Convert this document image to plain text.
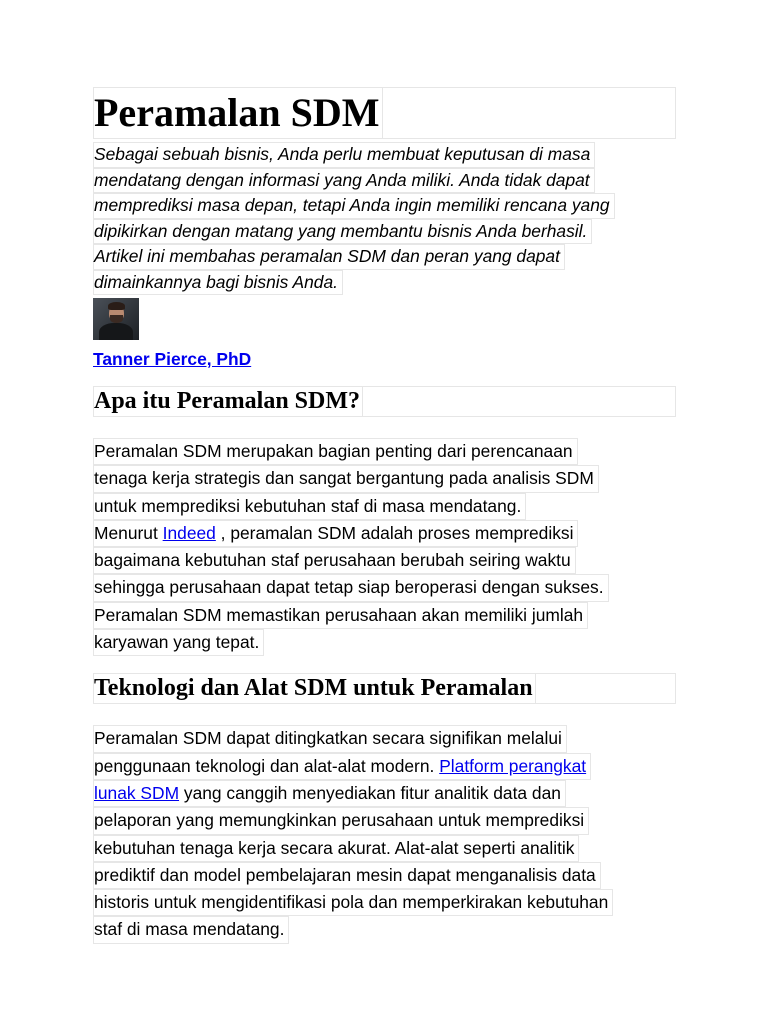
Peramalan SDM
Sebagai sebuah bisnis, Anda perlu membuat keputusan di masa
mendatang dengan informasi yang Anda miliki. Anda tidak dapat
memprediksi masa depan, tetapi Anda ingin memiliki rencana yang
dipikirkan dengan matang yang membantu bisnis Anda berhasil.
Artikel ini membahas peramalan SDM dan peran yang dapat
dimainkannya bagi bisnis Anda.
Tanner Pierce, PhD
Apa itu Peramalan SDM?
Peramalan SDM merupakan bagian penting dari perencanaan
tenaga kerja strategis dan sangat bergantung pada analisis SDM
untuk memprediksi kebutuhan staf di masa mendatang.
Menurut Indeed , peramalan SDM adalah proses memprediksi
bagaimana kebutuhan staf perusahaan berubah seiring waktu
sehingga perusahaan dapat tetap siap beroperasi dengan sukses.
Peramalan SDM memastikan perusahaan akan memiliki jumlah
karyawan yang tepat.
Teknologi dan Alat SDM untuk Peramalan
Peramalan SDM dapat ditingkatkan secara signifikan melalui
penggunaan teknologi dan alat-alat modern. Platform perangkat
lunak SDM yang canggih menyediakan fitur analitik data dan
pelaporan yang memungkinkan perusahaan untuk memprediksi
kebutuhan tenaga kerja secara akurat. Alat-alat seperti analitik
prediktif dan model pembelajaran mesin dapat menganalisis data
historis untuk mengidentifikasi pola dan memperkirakan kebutuhan
staf di masa mendatang.
